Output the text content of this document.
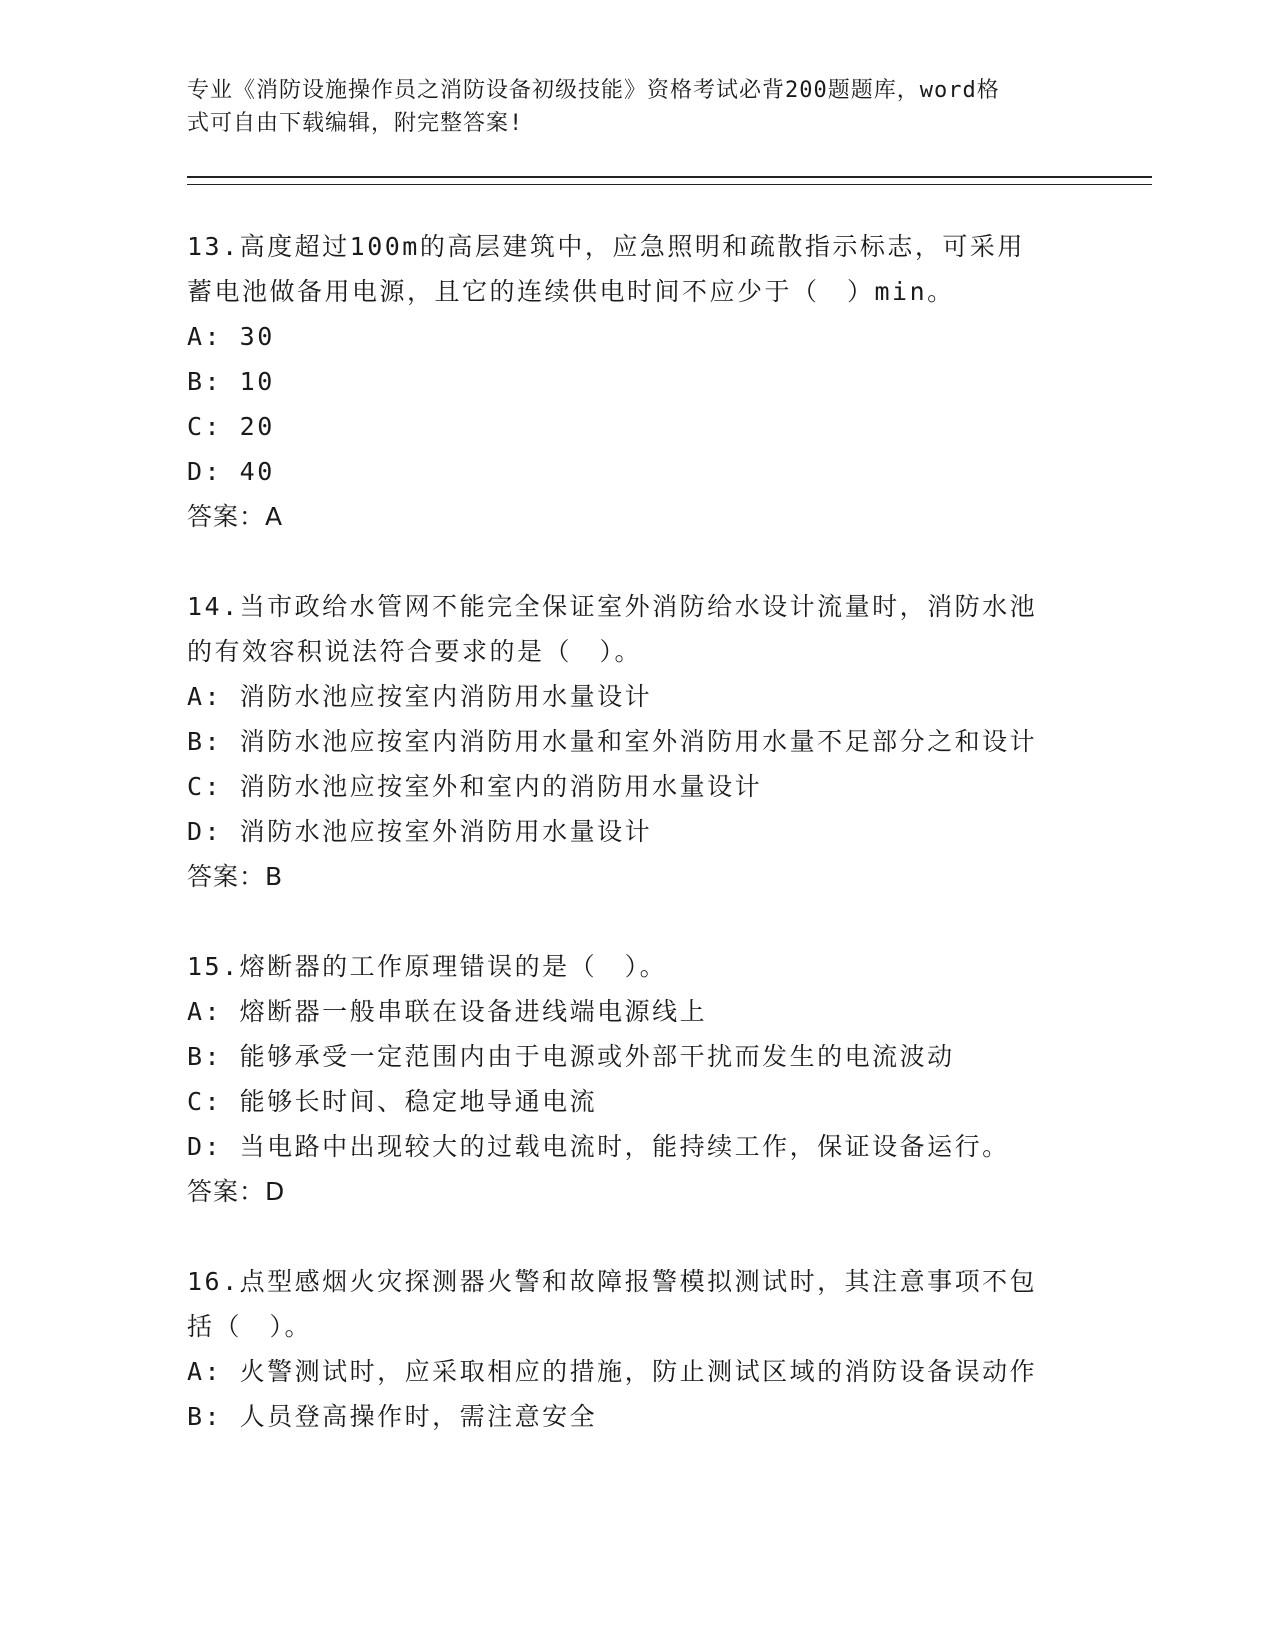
专业《消防设施操作员之消防设备初级技能》资格考试必背200题题库，word格
式可自由下载编辑，附完整答案!
13.高度超过100m的高层建筑中，应急照明和疏散指示标志，可采用
蓄电池做备用电源，且它的连续供电时间不应少于（　）min。
A: 30
B: 10
C: 20
D: 40
答案：A
14.当市政给水管网不能完全保证室外消防给水设计流量时，消防水池
的有效容积说法符合要求的是（　）。
A: 消防水池应按室内消防用水量设计
B: 消防水池应按室内消防用水量和室外消防用水量不足部分之和设计
C: 消防水池应按室外和室内的消防用水量设计
D: 消防水池应按室外消防用水量设计
答案：B
15.熔断器的工作原理错误的是（　）。
A: 熔断器一般串联在设备进线端电源线上
B: 能够承受一定范围内由于电源或外部干扰而发生的电流波动
C: 能够长时间、稳定地导通电流
D: 当电路中出现较大的过载电流时，能持续工作，保证设备运行。
答案：D
16.点型感烟火灾探测器火警和故障报警模拟测试时，其注意事项不包
括（　）。
A: 火警测试时，应采取相应的措施，防止测试区域的消防设备误动作
B: 人员登高操作时，需注意安全
